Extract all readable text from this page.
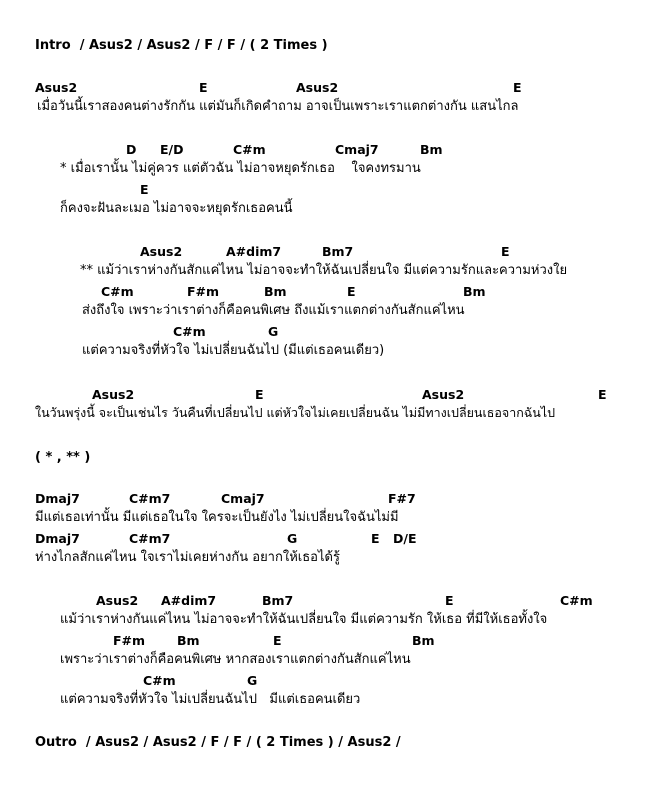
Intro  / Asus2 / Asus2 / F / F / ( 2 Times )
Asus2	E	Asus2	E
เมื่อวันนี้เราสองคนต่างรักกัน แต่มันก็เกิดคำถาม อาจเป็นเพราะเราแตกต่างกัน แสนไกล
D E/D	C#m	Cmaj7	Bm
* เมื่อเรานั้น ไม่คู่ควร แต่ตัวฉัน ไม่อาจหยุดรักเธอ    ใจคงทรมาน
E
ก็คงจะฝันละเมอ ไม่อาจจะหยุดรักเธอคนนี้
Asus2	A#dim7	Bm7	E
** แม้ว่าเราห่างกันสักแค่ไหน ไม่อาจจะทำให้ฉันเปลี่ยนใจ มีแต่ความรักและความห่วงใย
C#m	F#m	Bm	E	Bm
ส่งถึงใจ เพราะว่าเราต่างก็คือคนพิเศษ ถึงแม้เราแตกต่างกันสักแค่ไหน
C#m	G
แต่ความจริงที่หัวใจ ไม่เปลี่ยนฉันไป (มีแต่เธอคนเดียว)
Asus2	E	Asus2	E
ในวันพรุ่งนี้ จะเป็นเช่นไร วันคืนที่เปลี่ยนไป แต่หัวใจไม่เคยเปลี่ยนฉัน ไม่มีทางเปลี่ยนเธอจากฉันไป
( * , ** )
Dmaj7	C#m7	Cmaj7	F#7
มีแต่เธอเท่านั้น มีแต่เธอในใจ ใครจะเป็นยังไง ไม่เปลี่ยนใจฉันไม่มี
Dmaj7	C#m7	G	E D/E
ห่างไกลสักแค่ไหน ใจเราไม่เคยห่างกัน อยากให้เธอได้รู้
Asus2 A#dim7	Bm7	E	C#m
แม้ว่าเราห่างกันแค่ไหน ไม่อาจจะทำให้ฉันเปลี่ยนใจ มีแต่ความรัก ให้เธอ ที่มีให้เธอทั้งใจ
F#m	Bm	E	Bm
เพราะว่าเราต่างก็คือคนพิเศษ หากสองเราแตกต่างกันสักแค่ไหน
C#m	G
แต่ความจริงที่หัวใจ ไม่เปลี่ยนฉันไป   มีแต่เธอคนเดียว
Outro  / Asus2 / Asus2 / F / F / ( 2 Times ) / Asus2 /
